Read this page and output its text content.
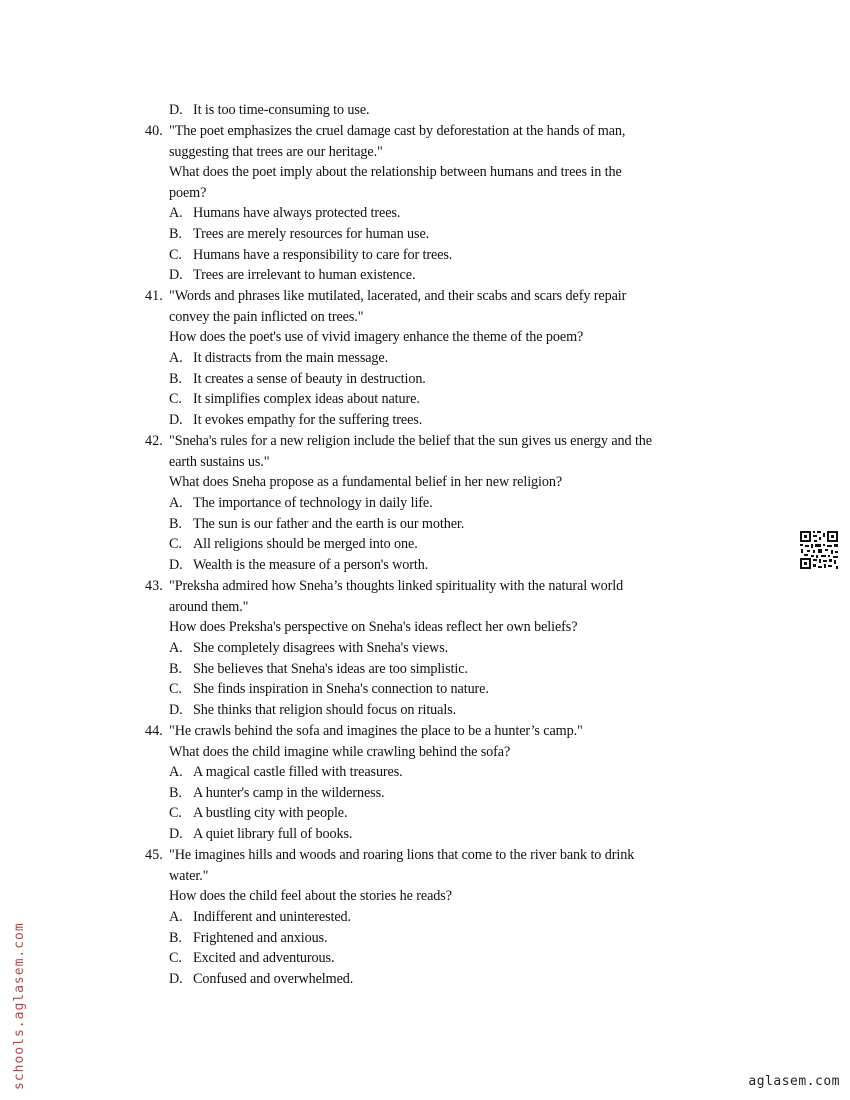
D. It is too time-consuming to use.
40. "The poet emphasizes the cruel damage cast by deforestation at the hands of man,
suggesting that trees are our heritage."
What does the poet imply about the relationship between humans and trees in the
poem?
A. Humans have always protected trees.
B. Trees are merely resources for human use.
C. Humans have a responsibility to care for trees.
D. Trees are irrelevant to human existence.
41. "Words and phrases like mutilated, lacerated, and their scabs and scars defy repair
convey the pain inflicted on trees."
How does the poet's use of vivid imagery enhance the theme of the poem?
A. It distracts from the main message.
B. It creates a sense of beauty in destruction.
C. It simplifies complex ideas about nature.
D. It evokes empathy for the suffering trees.
42. "Sneha's rules for a new religion include the belief that the sun gives us energy and the
earth sustains us."
What does Sneha propose as a fundamental belief in her new religion?
A. The importance of technology in daily life.
B. The sun is our father and the earth is our mother.
C. All religions should be merged into one.
D. Wealth is the measure of a person's worth.
43. "Preksha admired how Sneha’s thoughts linked spirituality with the natural world
around them."
How does Preksha's perspective on Sneha's ideas reflect her own beliefs?
A. She completely disagrees with Sneha's views.
B. She believes that Sneha's ideas are too simplistic.
C. She finds inspiration in Sneha's connection to nature.
D. She thinks that religion should focus on rituals.
44. "He crawls behind the sofa and imagines the place to be a hunter’s camp."
What does the child imagine while crawling behind the sofa?
A. A magical castle filled with treasures.
B. A hunter's camp in the wilderness.
C. A bustling city with people.
D. A quiet library full of books.
45. "He imagines hills and woods and roaring lions that come to the river bank to drink
water."
How does the child feel about the stories he reads?
A. Indifferent and uninterested.
B. Frightened and anxious.
C. Excited and adventurous.
D. Confused and overwhelmed.
schools.aglasem.com	aglasem.com
